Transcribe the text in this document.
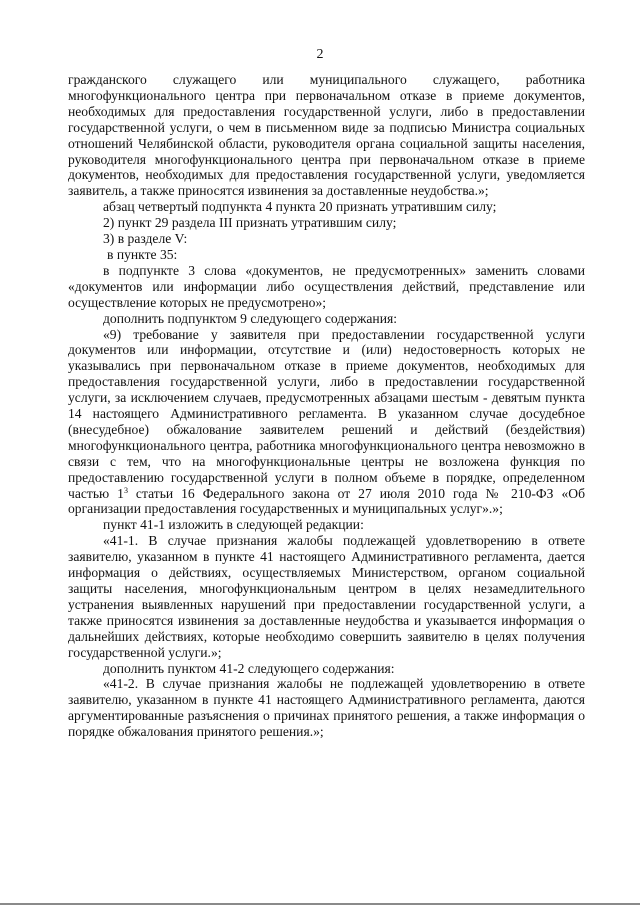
2

гражданского служащего или муниципального служащего, работника многофункционального центра при первоначальном отказе в приеме документов, необходимых для предоставления государственной услуги, либо в предоставлении государственной услуги, о чем в письменном виде за подписью Министра социальных отношений Челябинской области, руководителя органа социальной защиты населения, руководителя многофункционального центра при первоначальном отказе в приеме документов, необходимых для предоставления государственной услуги, уведомляется заявитель, а также приносятся извинения за доставленные неудобства.»;

абзац четвертый подпункта 4 пункта 20 признать утратившим силу;

2) пункт 29 раздела III признать утратившим силу;

3) в разделе V:

в пункте 35:

в подпункте 3 слова «документов, не предусмотренных» заменить словами «документов или информации либо осуществления действий, представление или осуществление которых не предусмотрено»;

дополнить подпунктом 9 следующего содержания:

«9) требование у заявителя при предоставлении государственной услуги документов или информации, отсутствие и (или) недостоверность которых не указывались при первоначальном отказе в приеме документов, необходимых для предоставления государственной услуги, либо в предоставлении государственной услуги, за исключением случаев, предусмотренных абзацами шестым - девятым пункта 14 настоящего Административного регламента. В указанном случае досудебное (внесудебное) обжалование заявителем решений и действий (бездействия) многофункционального центра, работника многофункционального центра невозможно в связи с тем, что на многофункциональные центры не возложена функция по предоставлению государственной услуги в полном объеме в порядке, определенном частью $1^3$ статьи 16 Федерального закона от 27 июля 2010 года № 210-ФЗ «Об организации предоставления государственных и муниципальных услуг».»;

пункт 41-1 изложить в следующей редакции:

«41-1. В случае признания жалобы подлежащей удовлетворению в ответе заявителю, указанном в пункте 41 настоящего Административного регламента, дается информация о действиях, осуществляемых Министерством, органом социальной защиты населения, многофункциональным центром в целях незамедлительного устранения выявленных нарушений при предоставлении государственной услуги, а также приносятся извинения за доставленные неудобства и указывается информация о дальнейших действиях, которые необходимо совершить заявителю в целях получения государственной услуги.»;

дополнить пунктом 41-2 следующего содержания:

«41-2. В случае признания жалобы не подлежащей удовлетворению в ответе заявителю, указанном в пункте 41 настоящего Административного регламента, даются аргументированные разъяснения о причинах принятого решения, а также информация о порядке обжалования принятого решения.»;
